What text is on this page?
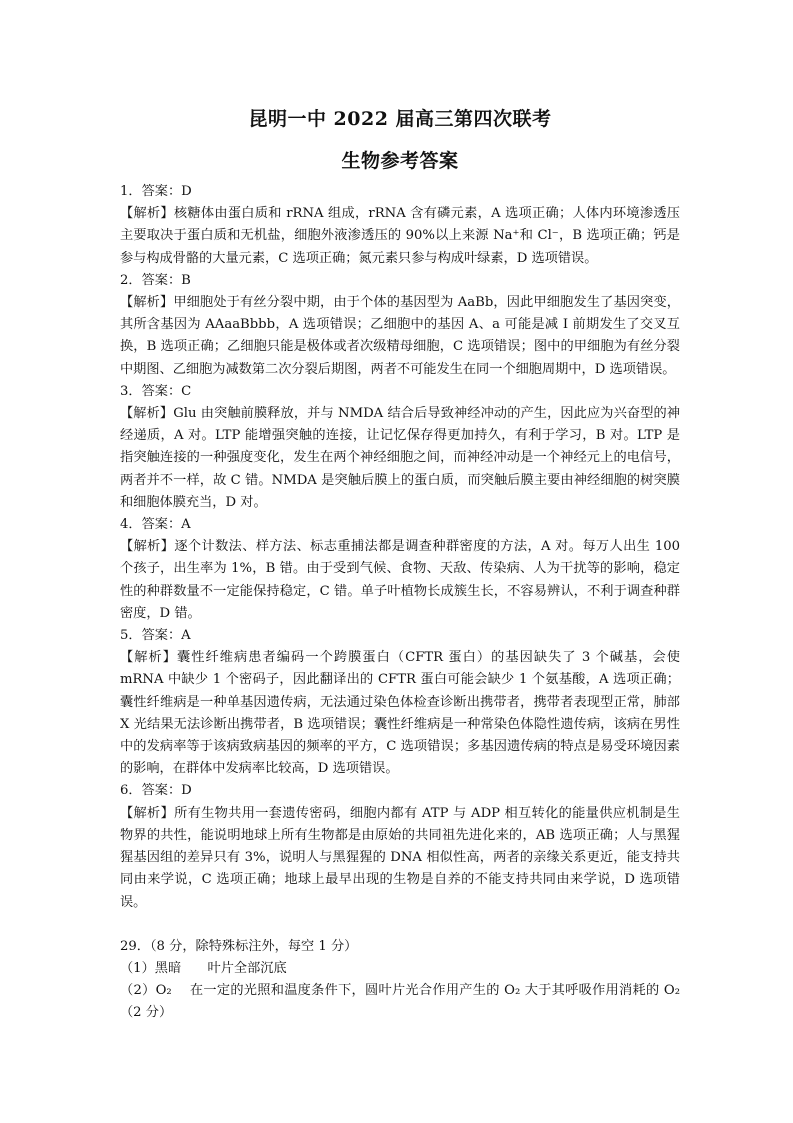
昆明一中 2022 届高三第四次联考
生物参考答案

1．答案：D

【解析】核糖体由蛋白质和 rRNA 组成，rRNA 含有磷元素，A 选项正确；人体内环境渗透压主要取决于蛋白质和无机盐，细胞外液渗透压的 90%以上来源 Na⁺和 Cl⁻，B 选项正确；钙是参与构成骨骼的大量元素，C 选项正确；氮元素只参与构成叶绿素，D 选项错误。

2．答案：B

【解析】甲细胞处于有丝分裂中期，由于个体的基因型为 AaBb，因此甲细胞发生了基因突变，其所含基因为 AAaaBbbb，A 选项错误；乙细胞中的基因 A、a 可能是减 I 前期发生了交叉互换，B 选项正确；乙细胞只能是极体或者次级精母细胞，C 选项错误；图中的甲细胞为有丝分裂中期图、乙细胞为减数第二次分裂后期图，两者不可能发生在同一个细胞周期中，D 选项错误。

3．答案：C

【解析】Glu 由突触前膜释放，并与 NMDA 结合后导致神经冲动的产生，因此应为兴奋型的神经递质，A 对。LTP 能增强突触的连接，让记忆保存得更加持久，有利于学习，B 对。LTP 是指突触连接的一种强度变化，发生在两个神经细胞之间，而神经冲动是一个神经元上的电信号，两者并不一样，故 C 错。NMDA 是突触后膜上的蛋白质，而突触后膜主要由神经细胞的树突膜和细胞体膜充当，D 对。

4．答案：A

【解析】逐个计数法、样方法、标志重捕法都是调查种群密度的方法，A 对。每万人出生 100 个孩子，出生率为 1%，B 错。由于受到气候、食物、天敌、传染病、人为干扰等的影响，稳定性的种群数量不一定能保持稳定，C 错。单子叶植物长成簇生长，不容易辨认，不利于调查种群密度，D 错。

5．答案：A

【解析】囊性纤维病患者编码一个跨膜蛋白（CFTR 蛋白）的基因缺失了 3 个碱基，会使 mRNA 中缺少 1 个密码子，因此翻译出的 CFTR 蛋白可能会缺少 1 个氨基酸，A 选项正确；囊性纤维病是一种单基因遗传病，无法通过染色体检查诊断出携带者，携带者表现型正常，肺部 X 光结果无法诊断出携带者，B 选项错误；囊性纤维病是一种常染色体隐性遗传病，该病在男性中的发病率等于该病致病基因的频率的平方，C 选项错误；多基因遗传病的特点是易受环境因素的影响，在群体中发病率比较高，D 选项错误。

6．答案：D

【解析】所有生物共用一套遗传密码，细胞内都有 ATP 与 ADP 相互转化的能量供应机制是生物界的共性，能说明地球上所有生物都是由原始的共同祖先进化来的，AB 选项正确；人与黑猩猩基因组的差异只有 3%，说明人与黑猩猩的 DNA 相似性高，两者的亲缘关系更近，能支持共同由来学说，C 选项正确；地球上最早出现的生物是自养的不能支持共同由来学说，D 选项错误。

29．（8 分，除特殊标注外，每空 1 分）

（1）黑暗　　叶片全部沉底

（2）O₂　 在一定的光照和温度条件下，圆叶片光合作用产生的 O₂ 大于其呼吸作用消耗的 O₂（2 分）
